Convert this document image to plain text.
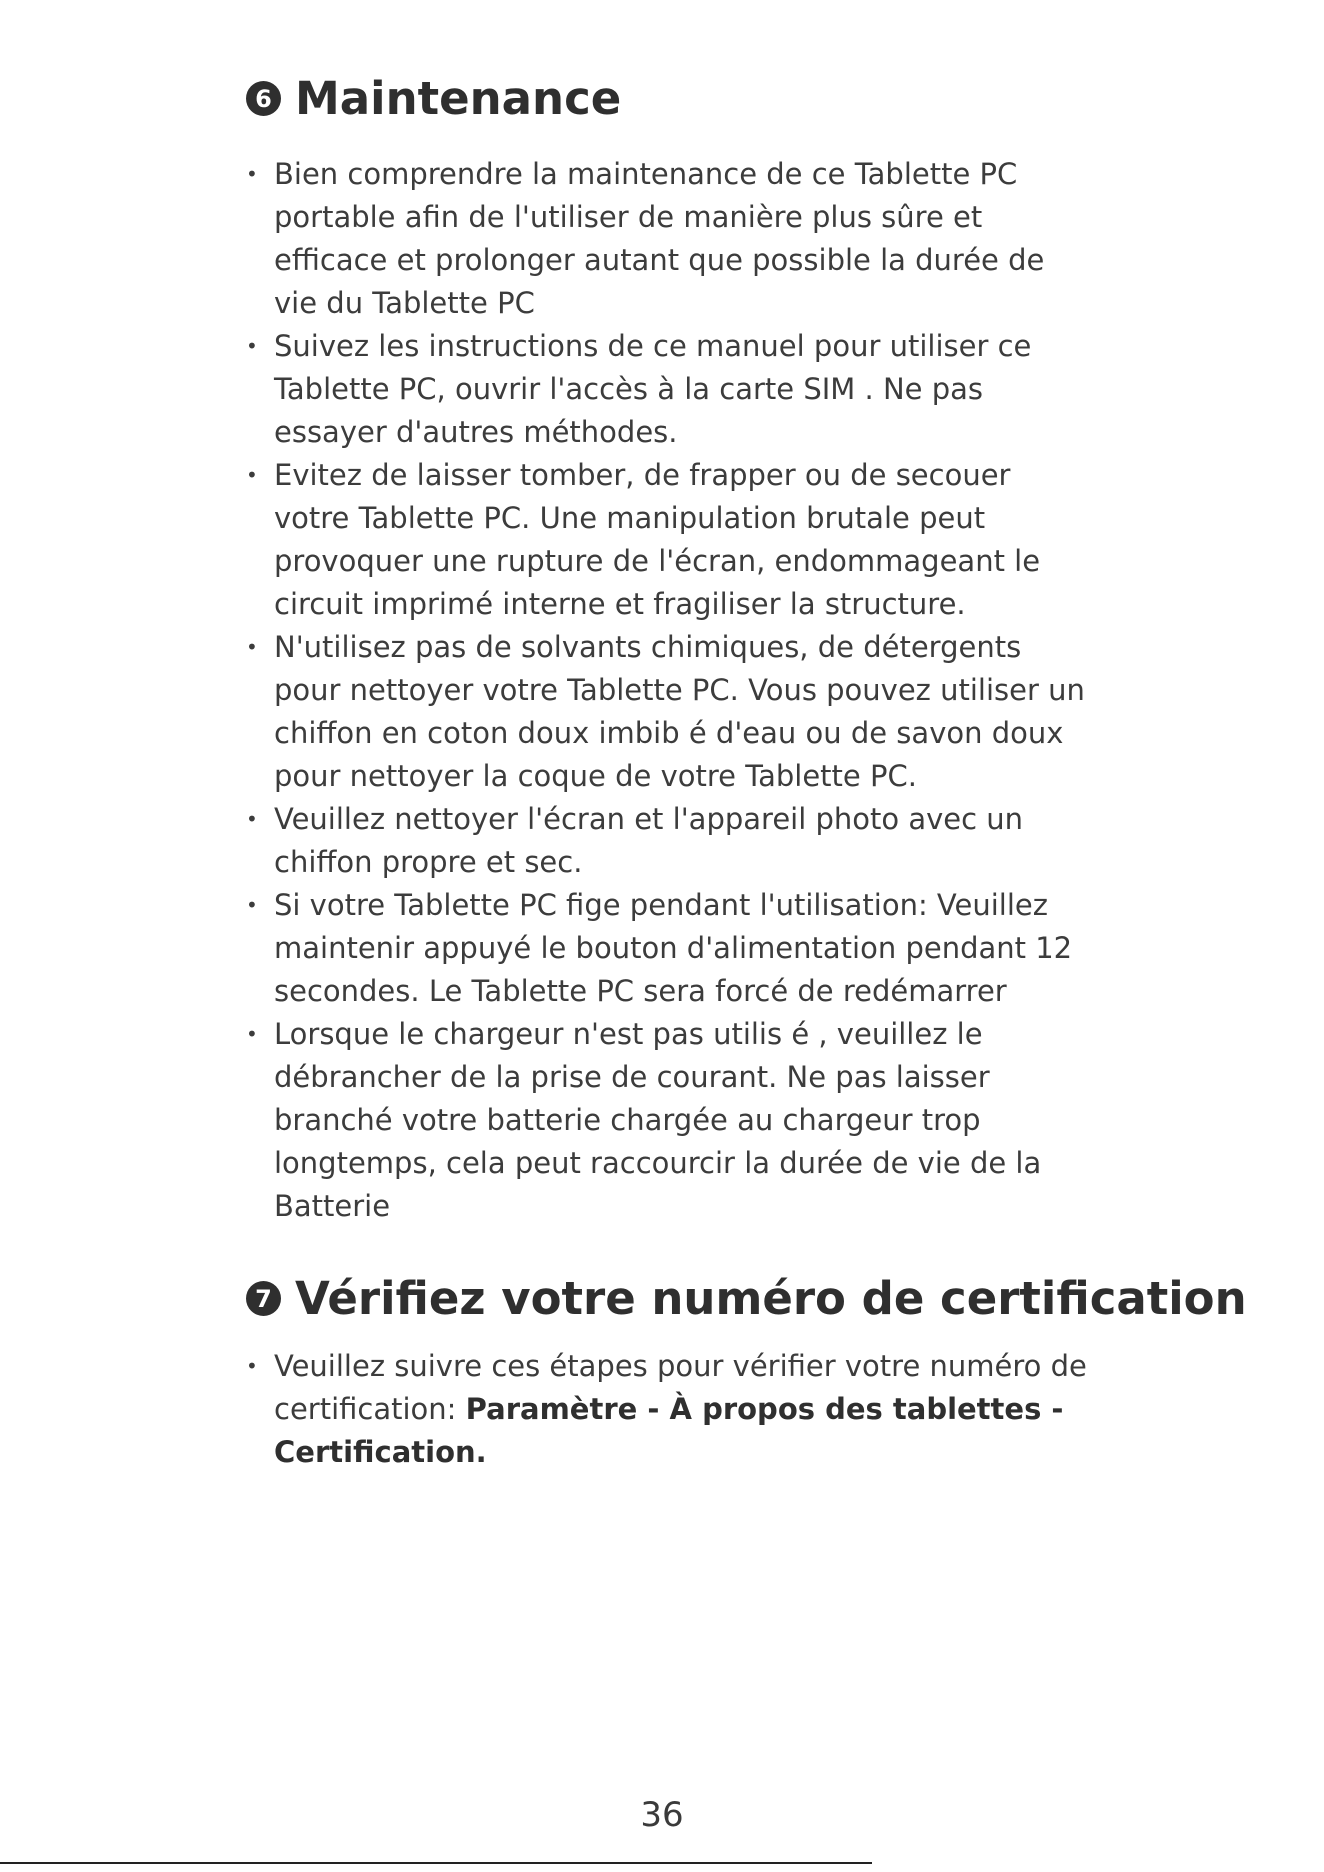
6 Maintenance
• Bien comprendre la maintenance de ce Tablette PC portable afin de l'utiliser de manière plus sûre et efficace et prolonger autant que possible la durée de vie du Tablette PC
• Suivez les instructions de ce manuel pour utiliser ce Tablette PC, ouvrir l'accès à la carte SIM . Ne pas essayer d'autres méthodes.
• Evitez de laisser tomber, de frapper ou de secouer votre Tablette PC. Une manipulation brutale peut provoquer une rupture de l'écran, endommageant le circuit imprimé interne et fragiliser la structure.
• N'utilisez pas de solvants chimiques, de détergents pour nettoyer votre Tablette PC. Vous pouvez utiliser un chiffon en coton doux imbib é d'eau ou de savon doux pour nettoyer la coque de votre Tablette PC.
• Veuillez nettoyer l'écran et l'appareil photo avec un chiffon propre et sec.
• Si votre Tablette PC fige pendant l'utilisation: Veuillez maintenir appuyé le bouton d'alimentation pendant 12 secondes. Le Tablette PC sera forcé de redémarrer
• Lorsque le chargeur n'est pas utilis é , veuillez le débrancher de la prise de courant. Ne pas laisser branché votre batterie chargée au chargeur trop longtemps, cela peut raccourcir la durée de vie de la Batterie
7 Vérifiez votre numéro de certification
• Veuillez suivre ces étapes pour vérifier votre numéro de certification: Paramètre - À propos des tablettes - Certification.
36
